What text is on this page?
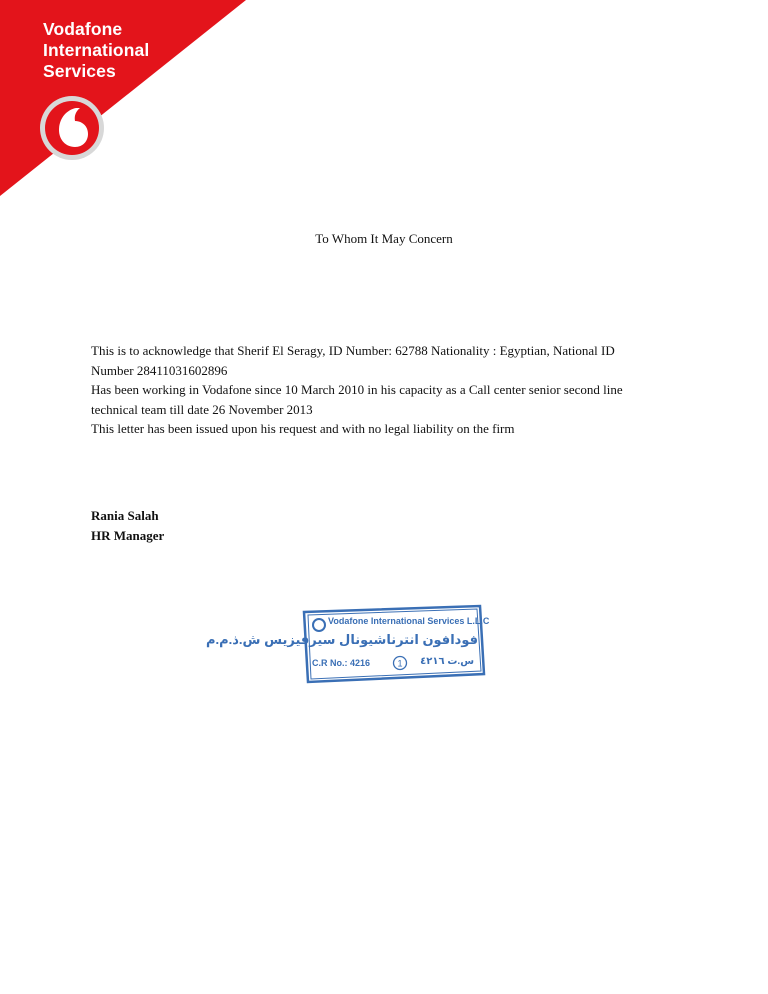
Vodafone
International
Services
To Whom It May Concern

This is to acknowledge that Sherif El Seragy, ID Number: 62788 Nationality : Egyptian, National ID

Number 28411031602896

Has been working in Vodafone since 10 March 2010 in his capacity as a Call center senior second line

technical team till date 26 November 2013

This letter has been issued upon his request and with no legal liability on the firm

Rania Salah
HR Manager
1
Vodafone International Services L.L.C
فودافون انترناشيونال سيرفيزيس ش.ذ.م.م
C.R No.: 4216	س.ت ٤٢١٦
